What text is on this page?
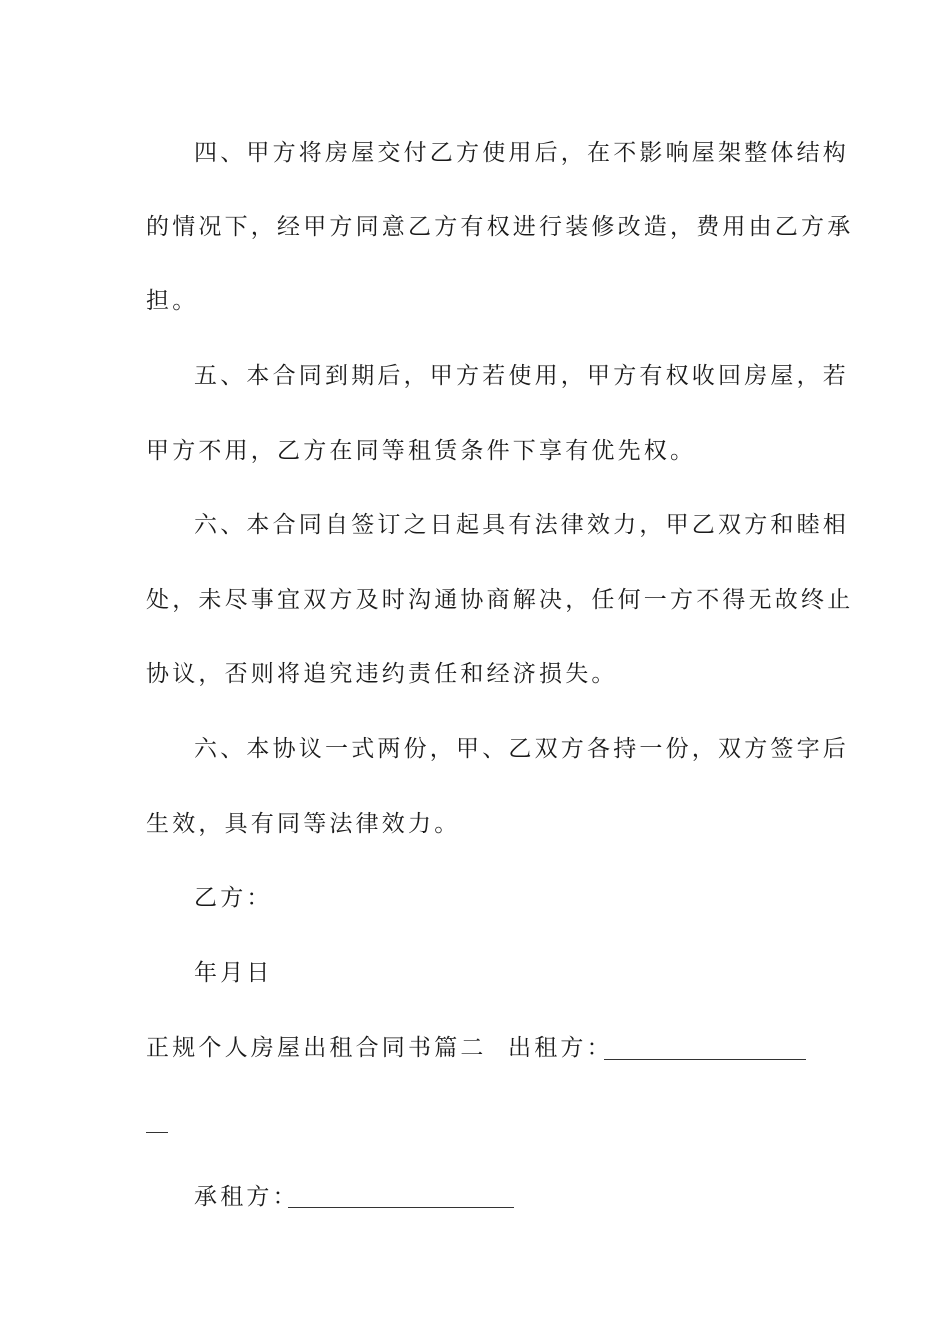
四、甲方将房屋交付乙方使用后，在不影响屋架整体结构
的情况下，经甲方同意乙方有权进行装修改造，费用由乙方承
担。
五、本合同到期后，甲方若使用，甲方有权收回房屋，若
甲方不用，乙方在同等租赁条件下享有优先权。
六、本合同自签订之日起具有法律效力，甲乙双方和睦相
处，未尽事宜双方及时沟通协商解决，任何一方不得无故终止
协议，否则将追究违约责任和经济损失。
六、本协议一式两份，甲、乙双方各持一份，双方签字后
生效，具有同等法律效力。
乙方：
年月日
正规个人房屋出租合同书篇二 出租方：
承租方：
